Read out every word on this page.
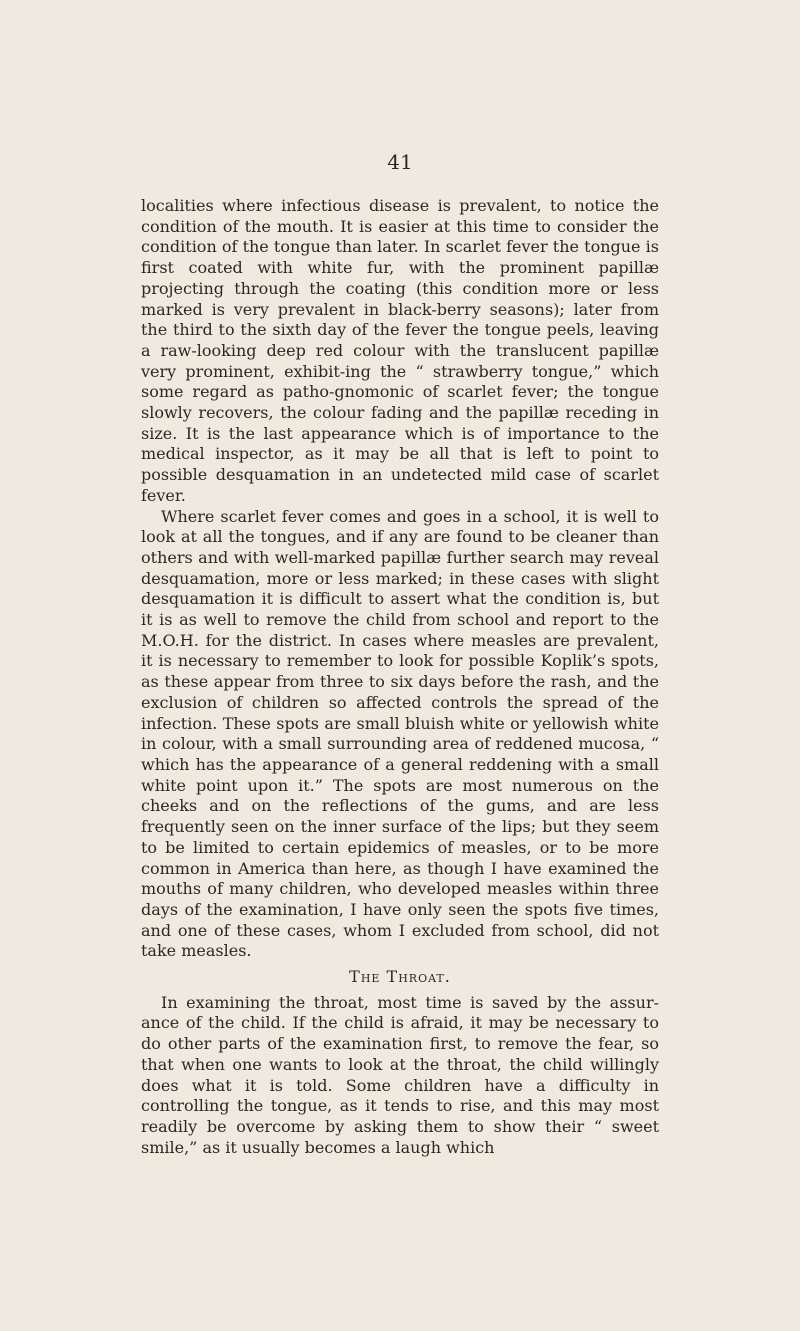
41

localities where infectious disease is prevalent, to notice the condition of the mouth. It is easier at this time to consider the condition of the tongue than later. In scarlet fever the tongue is first coated with white fur, with the prominent papillæ projecting through the coating (this condition more or less marked is very prevalent in black-berry seasons); later from the third to the sixth day of the fever the tongue peels, leaving a raw-looking deep red colour with the translucent papillæ very prominent, exhibit-ing the “ strawberry tongue,” which some regard as patho-gnomonic of scarlet fever; the tongue slowly recovers, the colour fading and the papillæ receding in size. It is the last appearance which is of importance to the medical inspector, as it may be all that is left to point to possible desquamation in an undetected mild case of scarlet fever.

Where scarlet fever comes and goes in a school, it is well to look at all the tongues, and if any are found to be cleaner than others and with well-marked papillæ further search may reveal desquamation, more or less marked; in these cases with slight desquamation it is difficult to assert what the condition is, but it is as well to remove the child from school and report to the M.O.H. for the district. In cases where measles are prevalent, it is necessary to remember to look for possible Koplik’s spots, as these appear from three to six days before the rash, and the exclusion of children so affected controls the spread of the infection. These spots are small bluish white or yellowish white in colour, with a small surrounding area of reddened mucosa, “ which has the appearance of a general reddening with a small white point upon it.” The spots are most numerous on the cheeks and on the reflections of the gums, and are less frequently seen on the inner surface of the lips; but they seem to be limited to certain epidemics of measles, or to be more common in America than here, as though I have examined the mouths of many children, who developed measles within three days of the examination, I have only seen the spots five times, and one of these cases, whom I excluded from school, did not take measles.

The Throat.

In examining the throat, most time is saved by the assur-ance of the child. If the child is afraid, it may be necessary to do other parts of the examination first, to remove the fear, so that when one wants to look at the throat, the child willingly does what it is told. Some children have a difficulty in controlling the tongue, as it tends to rise, and this may most readily be overcome by asking them to show their “ sweet smile,” as it usually becomes a laugh which
